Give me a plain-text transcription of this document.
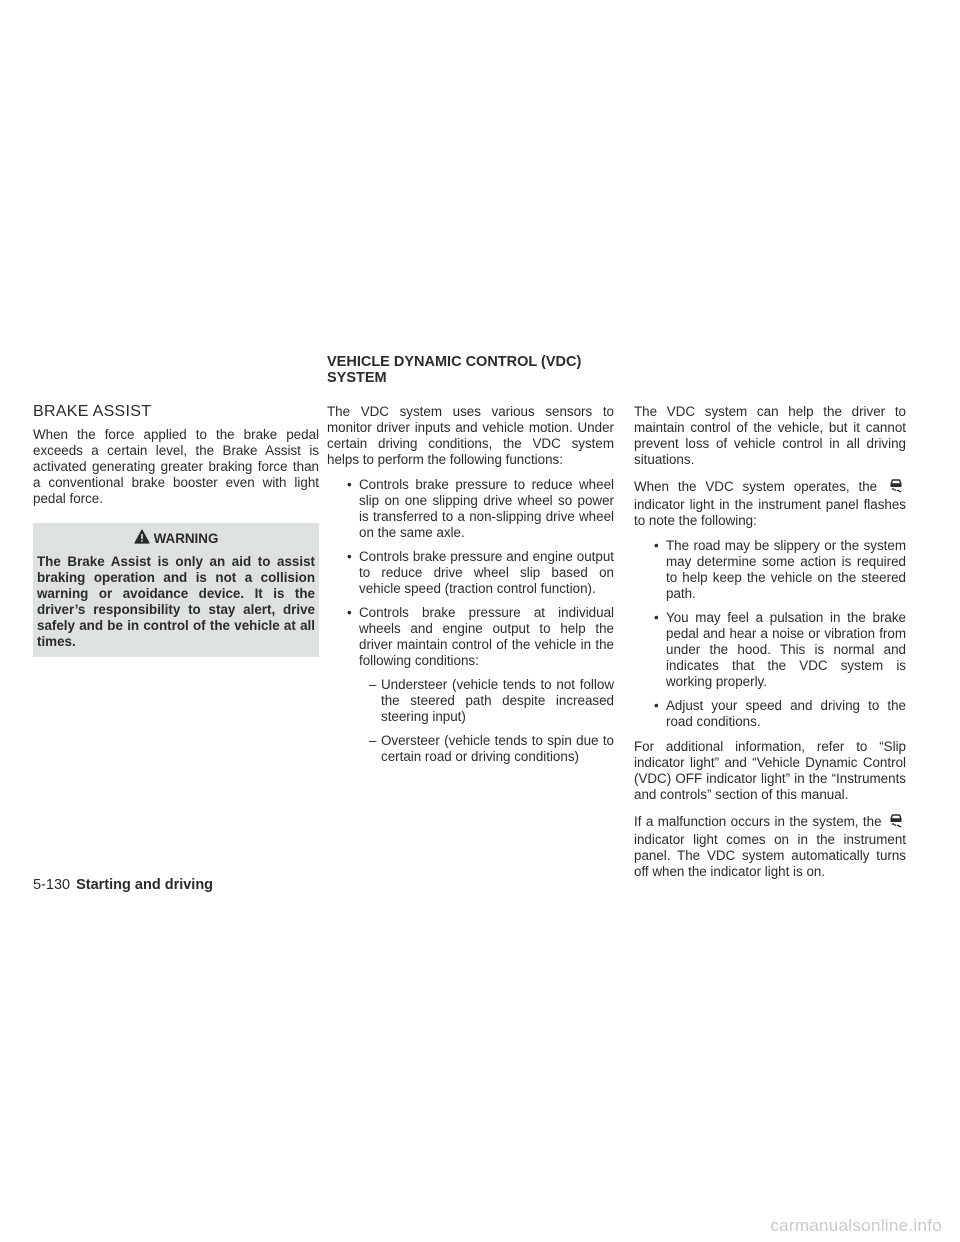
VEHICLE DYNAMIC CONTROL (VDC) SYSTEM
BRAKE ASSIST

When the force applied to the brake pedal exceeds a certain level, the Brake Assist is activated generating greater braking force than a conventional brake booster even with light pedal force.

WARNING
The Brake Assist is only an aid to assist braking operation and is not a collision warning or avoidance device. It is the driver’s responsibility to stay alert, drive safely and be in control of the vehicle at all times.

The VDC system uses various sensors to monitor driver inputs and vehicle motion. Under certain driving conditions, the VDC system helps to perform the following functions:

• Controls brake pressure to reduce wheel slip on one slipping drive wheel so power is transferred to a non-slipping drive wheel on the same axle.
• Controls brake pressure and engine output to reduce drive wheel slip based on vehicle speed (traction control function).
• Controls brake pressure at individual wheels and engine output to help the driver maintain control of the vehicle in the following conditions:
– Understeer (vehicle tends to not follow the steered path despite increased steering input)
– Oversteer (vehicle tends to spin due to certain road or driving conditions)

The VDC system can help the driver to maintain control of the vehicle, but it cannot prevent loss of vehicle control in all driving situations.

When the VDC system operates, the  indicator light in the instrument panel flashes to note the following:

• The road may be slippery or the system may determine some action is required to help keep the vehicle on the steered path.
• You may feel a pulsation in the brake pedal and hear a noise or vibration from under the hood. This is normal and indicates that the VDC system is working properly.
• Adjust your speed and driving to the road conditions.

For additional information, refer to “Slip indicator light” and “Vehicle Dynamic Control (VDC) OFF indicator light” in the “Instruments and controls” section of this manual.

If a malfunction occurs in the system, the  indicator light comes on in the instrument panel. The VDC system automatically turns off when the indicator light is on.

5-130 Starting and driving
carmanualsonline.info
